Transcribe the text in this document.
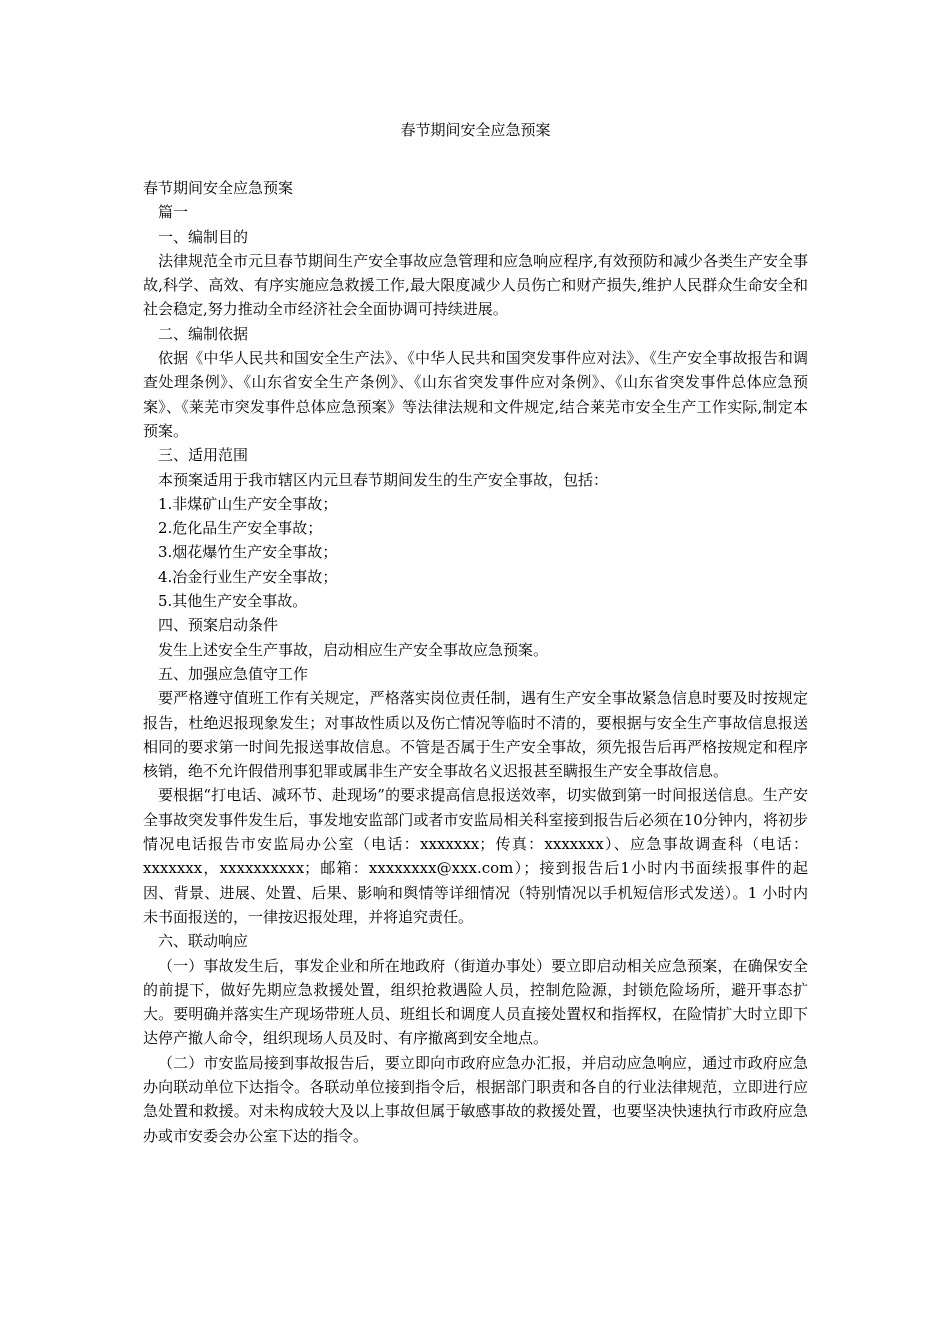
春节期间安全应急预案

春节期间安全应急预案

篇一

一、编制目的

法律规范全市元旦春节期间生产安全事故应急管理和应急响应程序,有效预防和减少各类生产安全事故,科学、高效、有序实施应急救援工作,最大限度减少人员伤亡和财产损失,维护人民群众生命安全和社会稳定,努力推动全市经济社会全面协调可持续进展。

二、编制依据

依据《中华人民共和国安全生产法》、《中华人民共和国突发事件应对法》、《生产安全事故报告和调查处理条例》、《山东省安全生产条例》、《山东省突发事件应对条例》、《山东省突发事件总体应急预案》、《莱芜市突发事件总体应急预案》等法律法规和文件规定,结合莱芜市安全生产工作实际,制定本预案。

三、适用范围

本预案适用于我市辖区内元旦春节期间发生的生产安全事故，包括：

1.非煤矿山生产安全事故；

2.危化品生产安全事故；

3.烟花爆竹生产安全事故；

4.冶金行业生产安全事故；

5.其他生产安全事故。

四、预案启动条件

发生上述安全生产事故，启动相应生产安全事故应急预案。

五、加强应急值守工作

要严格遵守值班工作有关规定，严格落实岗位责任制，遇有生产安全事故紧急信息时要及时按规定报告，杜绝迟报现象发生；对事故性质以及伤亡情况等临时不清的，要根据与安全生产事故信息报送相同的要求第一时间先报送事故信息。不管是否属于生产安全事故，须先报告后再严格按规定和程序核销，绝不允许假借刑事犯罪或属非生产安全事故名义迟报甚至瞒报生产安全事故信息。

要根据“打电话、减环节、赴现场”的要求提高信息报送效率，切实做到第一时间报送信息。生产安全事故突发事件发生后，事发地安监部门或者市安监局相关科室接到报告后必须在10分钟内，将初步情况电话报告市安监局办公室（电话：xxxxxxx；传真：xxxxxxx）、应急事故调查科（电话：xxxxxxx，xxxxxxxxxx；邮箱：xxxxxxxx@xxx.com）；接到报告后1小时内书面续报事件的起因、背景、进展、处置、后果、影响和舆情等详细情况（特别情况以手机短信形式发送）。1 小时内未书面报送的，一律按迟报处理，并将追究责任。

六、联动响应

（一）事故发生后，事发企业和所在地政府（街道办事处）要立即启动相关应急预案，在确保安全的前提下，做好先期应急救援处置，组织抢救遇险人员，控制危险源，封锁危险场所，避开事态扩大。要明确并落实生产现场带班人员、班组长和调度人员直接处置权和指挥权，在险情扩大时立即下达停产撤人命令，组织现场人员及时、有序撤离到安全地点。

（二）市安监局接到事故报告后，要立即向市政府应急办汇报，并启动应急响应，通过市政府应急办向联动单位下达指令。各联动单位接到指令后，根据部门职责和各自的行业法律规范，立即进行应急处置和救援。对未构成较大及以上事故但属于敏感事故的救援处置，也要坚决快速执行市政府应急办或市安委会办公室下达的指令。
